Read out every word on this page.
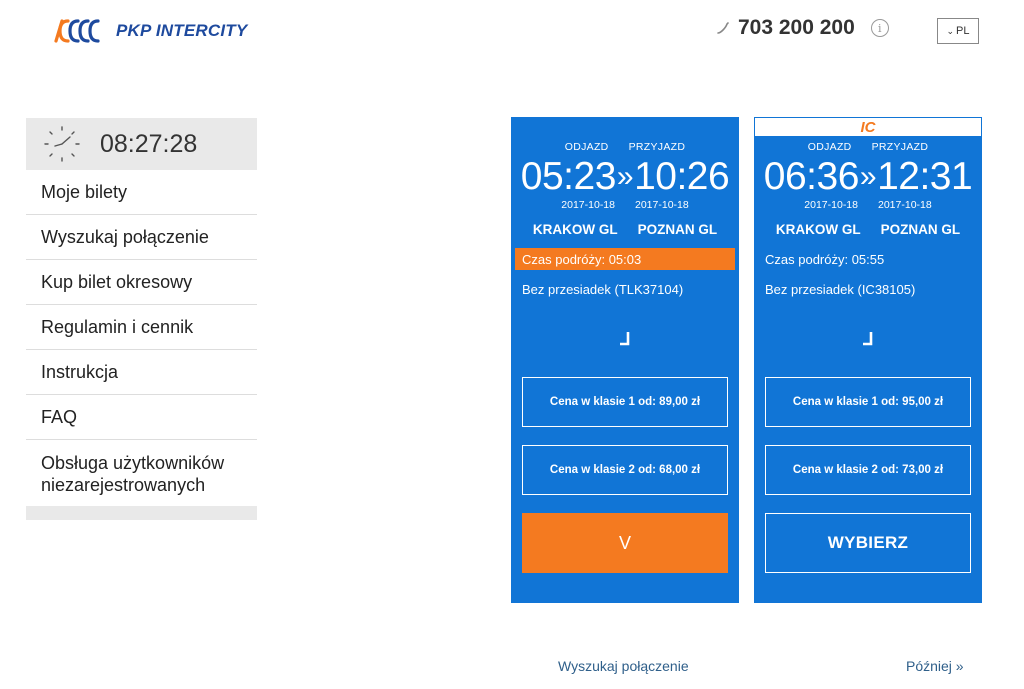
PKP INTERCITY	703 200 200	i	⌄ PL
08:27:28
Moje bilety
Wyszukaj połączenie
Kup bilet okresowy
Regulamin i cennik
Instrukcja
FAQ
Obsługa użytkowników niezarejestrowanych
ODJAZD PRZYJAZD
05:23 » 10:26
2017-10-18 2017-10-18
KRAKOW GL POZNAN GL
Czas podróży: 05:03
Bez przesiadek (TLK37104)
Cena w klasie 1 od: 89,00 zł
Cena w klasie 2 od: 68,00 zł
V
IC
ODJAZD PRZYJAZD
06:36 » 12:31
2017-10-18 2017-10-18
KRAKOW GL POZNAN GL
Czas podróży: 05:55
Bez przesiadek (IC38105)
Cena w klasie 1 od: 95,00 zł
Cena w klasie 2 od: 73,00 zł
WYBIERZ
Wyszukaj połączenie	Później »
